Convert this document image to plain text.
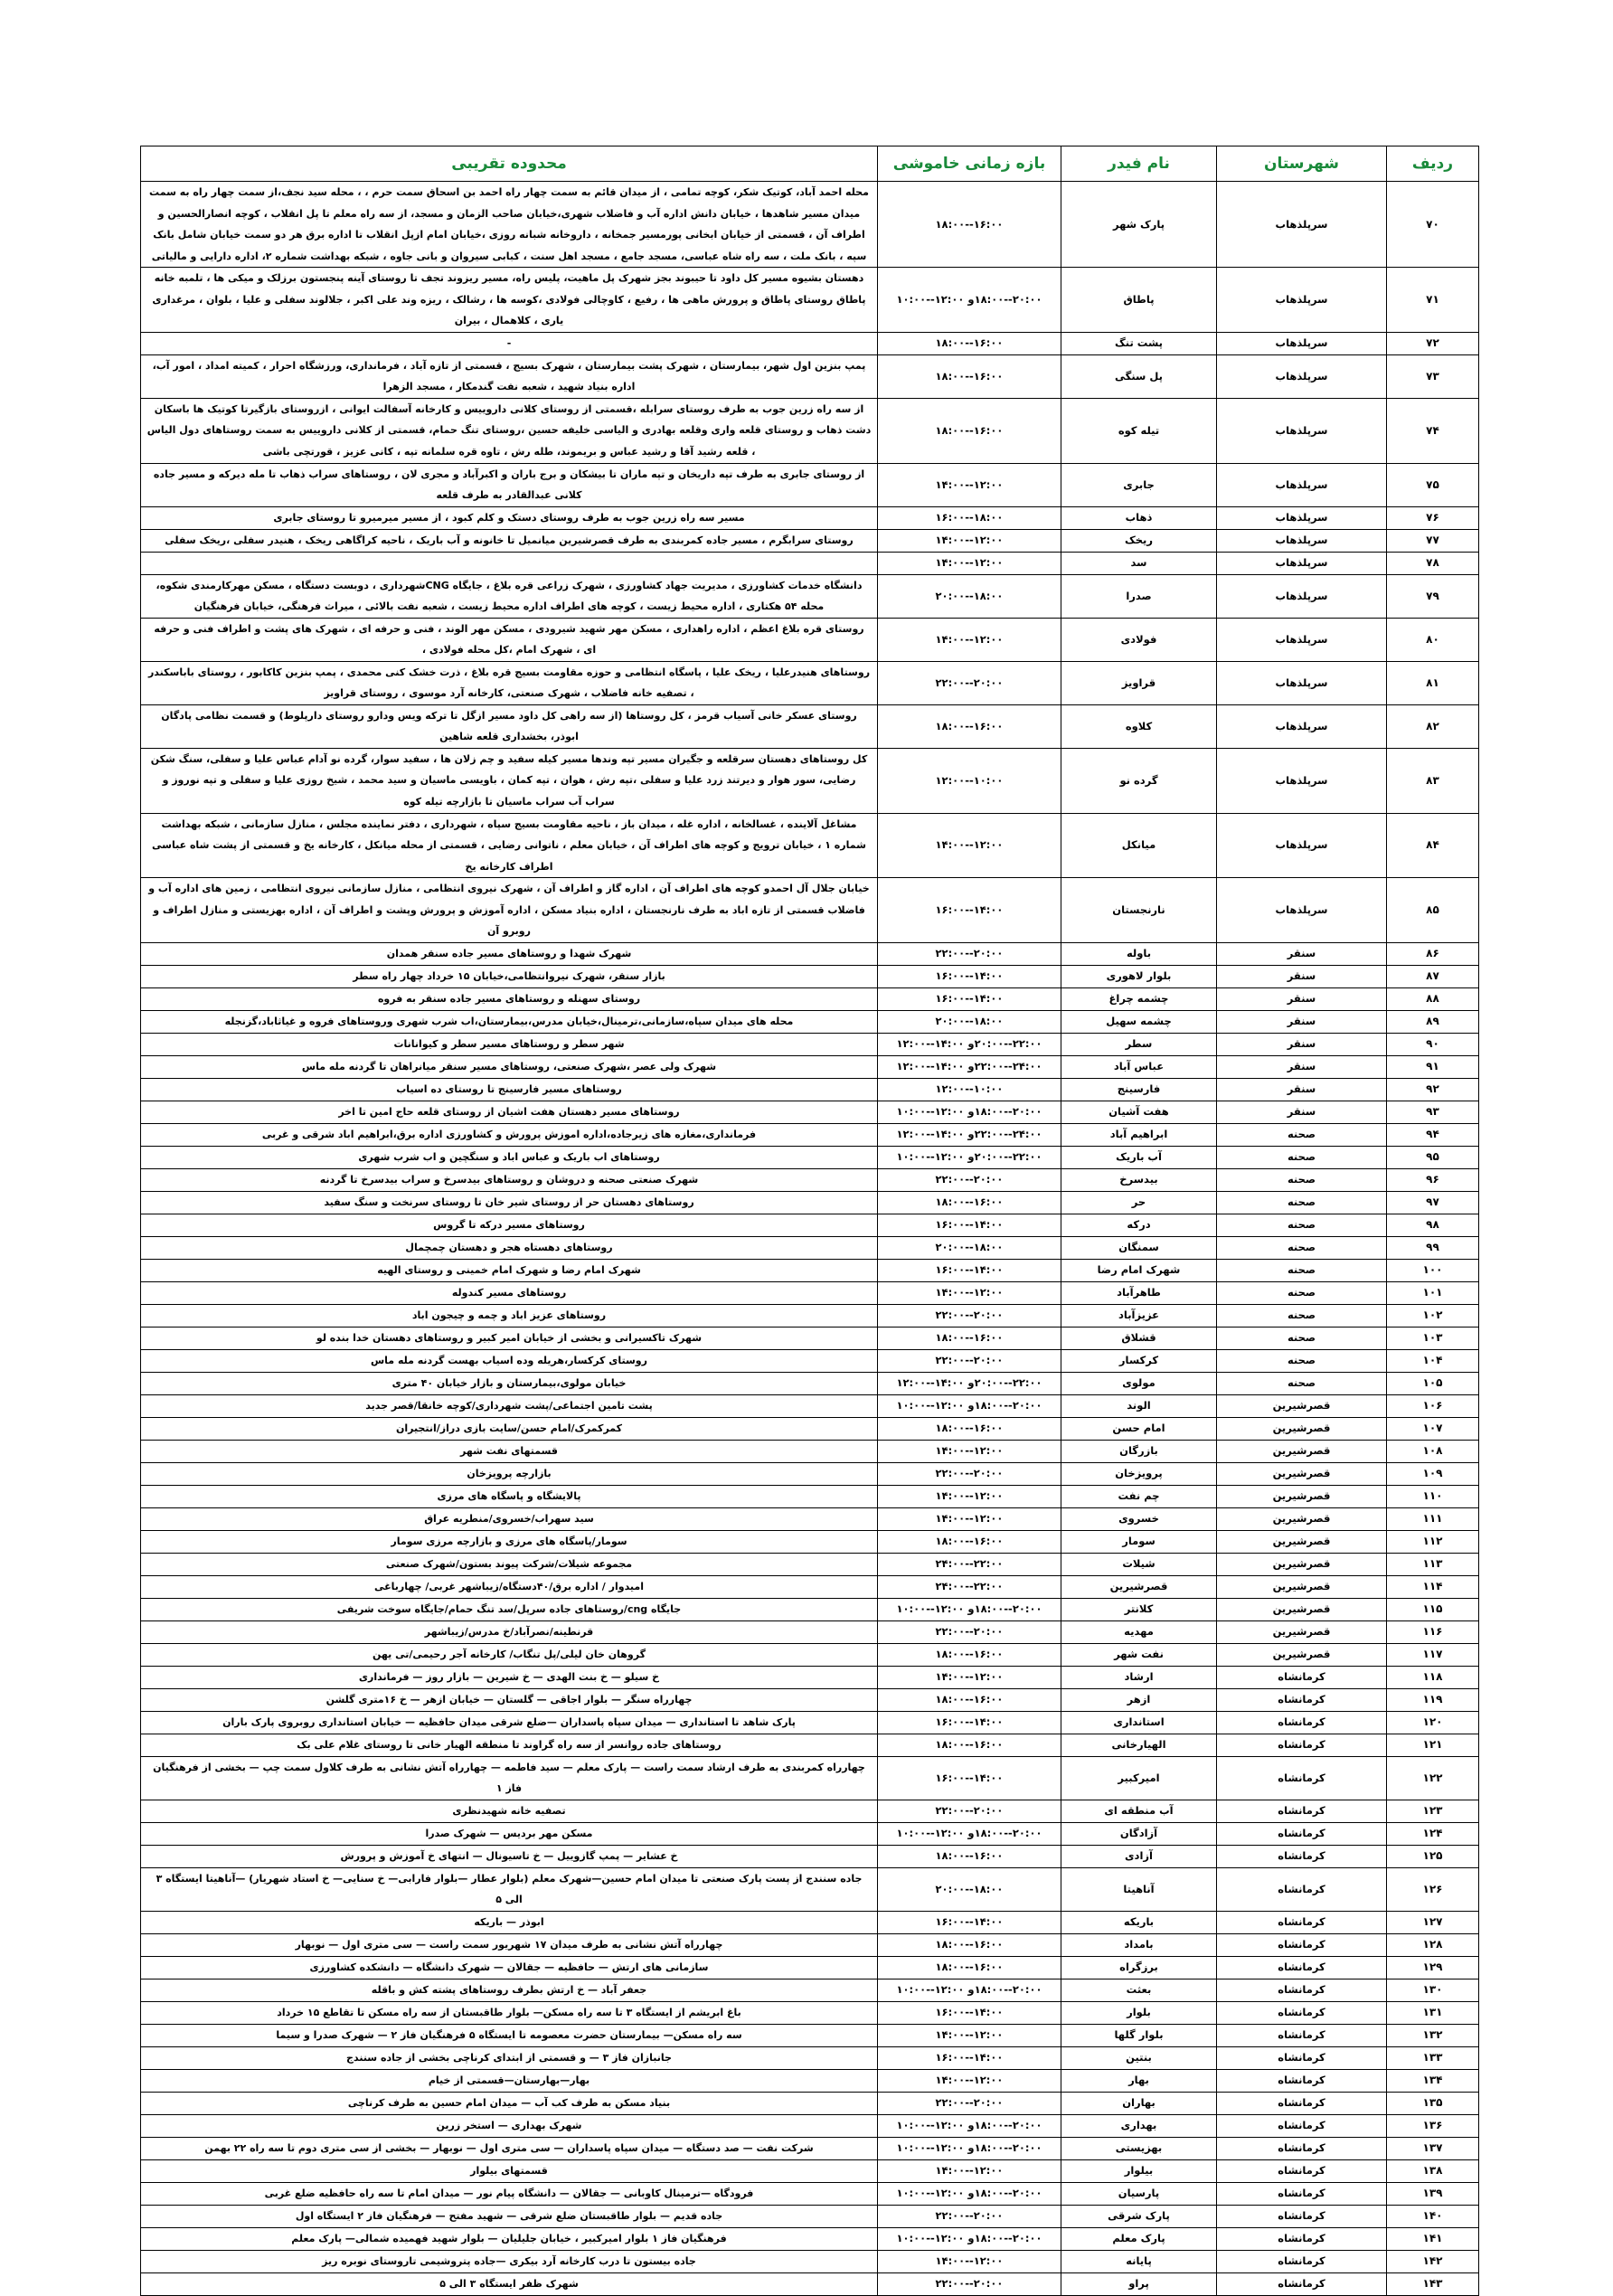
ردیف	شهرستان	نام فیدر	بازه زمانی خاموشی	محدوده تقریبی
۷۰	سرپلذهاب	پارک شهر	۱۶:۰۰--۱۸:۰۰	محله احمد آباد، کوتیک شکر، کوچه تمامی ، از میدان قائم به سمت چهار راه احمد بن اسحاق سمت حرم ، ، محله سید نجف،از سمت چهار راه به سمت میدان مسیر شاهدها ، خیابان دانش اداره آب و فاضلاب شهری،خیابان صاحب الزمان و مسجد، از سه راه معلم تا پل انقلاب ، کوچه انصارالحسین و اطراف آن ، قسمتی از خیابان ابخانی پورمسیر جمخانه ، داروخانه شبانه روزی ،خیابان امام ازپل انقلاب تا اداره برق هر دو سمت خیابان شامل بانک سپه ، بانک ملت ، سه راه شاه عباسی، مسجد جامع ، مسجد اهل سنت ، کبابی سیروان و بانی جاوه ، شبکه بهداشت شماره ۲، اداره دارایی و مالیاتی
۷۱	سرپلذهاب	پاطاق	۲۰:۰۰--۱۸:۰۰و ۱۲:۰۰--۱۰:۰۰	دهستان بشیوه مسیر کل داود تا حیبوند بجز شهرک پل ماهیت، پلیس راه، مسیر ریزوند تجف تا روستای آینه پنجستون برزلک و میکی ها ، تلمبه خانه پاطاق روستای پاطاق و پرورش ماهی ها ، رفیع ، کاوچالی فولادی ،کوسه ها ، رشالک ، ریزه وند علی اکبر ، جلالوند سفلی و علیا ، بلوان ، مرغداری یاری ، کلاهمال ، بیران
۷۲	سرپلذهاب	پشت تنگ	۱۶:۰۰--۱۸:۰۰	-
۷۳	سرپلذهاب	پل سنگی	۱۶:۰۰--۱۸:۰۰	پمپ بنزین اول شهر، بیمارستان ، شهرک پشت بیمارستان ، شهرک بسیج ، قسمتی از تازه آباد ، فرمانداری، ورزشگاه احرار ، کمیته امداد ، امور آب، اداره بنیاد شهید ، شعبه نفت گندمکار ، مسجد الزهرا
۷۴	سرپلذهاب	تیله کوه	۱۶:۰۰--۱۸:۰۰	از سه راه زرین جوب به طرف روستای سرابله ،قسمتی از روستای کلانی داروییس و کارخانه آسفالت ایوانی ، ازروستای بازگیرتا کوتیک ها باسکان دشت ذهاب و روستای قلعه واری وقلعه بهادری و الیاسی خلیفه حسین ،روستای تنگ حمام، قسمتی از کلانی داروییس به سمت روستاهای دول الیاس ، قلعه رشید آقا و رشید عباس و بریموند، طله رش ، تاوه قره سلمانه تپه ، کانی عزیز ، قورتچی باشی
۷۵	سرپلذهاب	جابری	۱۲:۰۰--۱۴:۰۰	از روستای جابری به طرف تپه داریخان و تپه ماران تا بیشکان و برج باران و اکبرآباد و مجری لان ، روستاهای سراب ذهاب تا مله دیرکه و مسیر جاده کلانی عبدالقادر به طرف قلعه
۷۶	سرپلذهاب	ذهاب	۱۸:۰۰--۱۶:۰۰	مسیر سه راه زرین جوب به طرف روستای دستک و کلم کبود ، از مسیر میرمیرو تا روستای جابری
۷۷	سرپلذهاب	ریخک	۱۲:۰۰--۱۴:۰۰	روستای سرابگرم ، مسیر جاده کمربندی به طرف قصرشیرین میانمیل تا خانونه و آب باریک ، ناحیه کراگاهی ریخک ، هنیدر سفلی ،ریخک سفلی
۷۸	سرپلذهاب	سد	۱۲:۰۰--۱۴:۰۰	
۷۹	سرپلذهاب	صدرا	۱۸:۰۰--۲۰:۰۰	دانشگاه خدمات کشاورزی ، مدیریت جهاد کشاورزی ، شهرک زراعی قره بلاغ ، جایگاه CNGشهرداری ، دوبست دستگاه ، مسکن مهرکارمندی شکوه، محله ۵۴ هکتاری ، اداره محیط زیست ، کوچه های اطراف اداره محیط زیست ، شعبه نفت بالائی ، میراث فرهنگی، خیابان فرهنگیان
۸۰	سرپلذهاب	فولادی	۱۲:۰۰--۱۴:۰۰	روستای قره بلاغ اعظم ، اداره راهداری ، مسکن مهر شهید شیرودی ، مسکن مهر الوند ، فنی و حرفه ای ، شهرک های پشت و اطراف فنی و حرفه ای ، شهرک امام ،کل محله فولادی ،
۸۱	سرپلذهاب	قراویز	۲۰:۰۰--۲۲:۰۰	روستاهای هنیدرعلیا ، ریخک علیا ، پاسگاه انتظامی و حوزه مقاومت بسیج قره بلاغ ، ذرت خشک کنی محمدی ، پمپ بنزین کاکابور ، روستای باباسکندر ، تصفیه خانه فاضلاب ، شهرک صنعتی، کارخانه آرد موسوی ، روستای قراویز
۸۲	سرپلذهاب	کلاوه	۱۶:۰۰--۱۸:۰۰	روستای عسکر خانی آسیاب قرمز ، کل روستاها (از سه راهی کل داود مسیر ازگل تا ترکه ویس ودارو روستای دارپلوط) و قسمت نظامی پادگان ابوذر، بخشداری قلعه شاهین
۸۳	سرپلذهاب	گرده نو	۱۰:۰۰--۱۲:۰۰	کل روستاهای دهستان سرقلعه و جگیران مسیر تپه وندها مسیر کیله سفید و چم زلان ها ، سفید سوار، گرده نو آدام عباس علیا و سفلی، سنگ شکن رضایی، سور هوار و دیرتند زرد علیا و سفلی ،تپه رش ، هوان ، تپه کمان ، باویسی ماسیان و سید محمد ، شیخ روزی علیا و سفلی و تپه نوروز و سراب آب سراب ماسیان تا بازارچه تیله کوه
۸۴	سرپلذهاب	میانکل	۱۲:۰۰--۱۴:۰۰	مشاغل آلاینده ، غسالخانه ، اداره غله ، میدان باز ، ناحیه مقاومت بسیج سپاه ، شهرداری ، دفتر نماینده مجلس ، منازل سازمانی ، شبکه بهداشت شماره ۱ ، خیابان ترویج و کوچه های اطراف آن ، خیابان معلم ، ناتوانی رضایی ، قسمتی از محله میانکل ، کارخانه یخ و قسمتی از پشت شاه عباسی اطراف کارخانه یخ
۸۵	سرپلذهاب	نارنجستان	۱۴:۰۰--۱۶:۰۰	خیابان جلال آل احمدو کوچه های اطراف آن ، اداره گاز و اطراف آن ، شهرک نیروی انتظامی ، منازل سازمانی نیروی انتظامی ، زمین های اداره آب و فاضلاب قسمتی از تازه اباد به طرف نارنجستان ، اداره بنیاد مسکن ، اداره آموزش و پرورش وپشت و اطراف آن ، اداره بهزیستی و منازل اطراف و روبرو آن
۸۶	سنقر	باوله	۲۰:۰۰--۲۲:۰۰	شهرک شهدا و روستاهای مسیر جاده سنقر همدان
۸۷	سنقر	بلوار لاهوری	۱۴:۰۰--۱۶:۰۰	بازار سنقر، شهرک نیروانتظامی،خیابان ۱۵ خرداد چهار راه سطر
۸۸	سنقر	چشمه چراغ	۱۴:۰۰--۱۶:۰۰	روستای سهنله و روستاهای مسیر جاده سنقر به فروه
۸۹	سنقر	چشمه سهیل	۱۸:۰۰--۲۰:۰۰	محله های میدان سپاه،سازمانی،ترمینال،خیابان مدرس،بیمارستان،اب شرب شهری وروستاهای فروه و غیاثاباد،گزنجله
۹۰	سنقر	سطر	۲۲:۰۰--۲۰:۰۰و ۱۴:۰۰--۱۲:۰۰	شهر سطر و روستاهای مسیر سطر و کیوانانات
۹۱	سنقر	عباس آباد	۲۴:۰۰--۲۲:۰۰و ۱۴:۰۰--۱۲:۰۰	شهرک ولی عصر ،شهرک صنعتی، روستاهای مسیر سنقر میانراهان تا گردنه مله ماس
۹۲	سنقر	فارسینج	۱۰:۰۰--۱۲:۰۰	روستاهای مسیر فارسینج تا روستای ده اسیاب
۹۳	سنقر	هفت آشیان	۲۰:۰۰--۱۸:۰۰و ۱۲:۰۰--۱۰:۰۰	روستاهای مسیر دهستان هفت اشیان از روستای قلعه حاج امین تا اخر
۹۴	صحنه	ابراهیم آباد	۲۴:۰۰--۲۲:۰۰و ۱۴:۰۰--۱۲:۰۰	فرمانداری،مغازه های زیرجاده،اداره اموزش پرورش و کشاورزی اداره برق،ابراهیم اباد شرقی و غربی
۹۵	صحنه	آب باریک	۲۲:۰۰--۲۰:۰۰و ۱۲:۰۰--۱۰:۰۰	روستاهای اب باریک و عباس اباد و سنگچین و اب شرب شهری
۹۶	صحنه	بیدسرخ	۲۰:۰۰--۲۲:۰۰	شهرک صنعتی صحنه و دروشان و روستاهای بیدسرخ و سراب بیدسرخ تا گردنه
۹۷	صحنه	حر	۱۶:۰۰--۱۸:۰۰	روستاهای دهستان حر از روستای شیر خان تا روستای سرنخت و سنگ سفید
۹۸	صحنه	درکه	۱۴:۰۰--۱۶:۰۰	روستاهای مسیر درکه تا گروس
۹۹	صحنه	سمنگان	۱۸:۰۰--۲۰:۰۰	روستاهای دهستاه هجر و دهستان چمچمال
۱۰۰	صحنه	شهرک امام رضا	۱۴:۰۰--۱۶:۰۰	شهرک امام رضا و شهرک امام خمینی و روستای الهیه
۱۰۱	صحنه	طاهرآباد	۱۲:۰۰--۱۴:۰۰	روستاهای مسیر کندوله
۱۰۲	صحنه	عزیزآباد	۲۰:۰۰--۲۲:۰۰	روستاهای عزیز اباد و چمه و چیجون اباد
۱۰۳	صحنه	قشلاق	۱۶:۰۰--۱۸:۰۰	شهرک تاکسیرانی و بخشی از خیابان امیر کبیر و روستاهای دهستان خدا بنده لو
۱۰۴	صحنه	کرکسار	۲۰:۰۰--۲۲:۰۰	روستای کرکسار،هریله وده اسیاب بهست گردنه مله ماس
۱۰۵	صحنه	مولوی	۲۲:۰۰--۲۰:۰۰و ۱۴:۰۰--۱۲:۰۰	خیابان مولوی،بیمارستان و بازار خیابان ۴۰ متری
۱۰۶	قصرشیرین	الوند	۲۰:۰۰--۱۸:۰۰و ۱۲:۰۰--۱۰:۰۰	پشت تامین اجتماعی/پشت شهرداری/کوچه خانقا/قصر جدید
۱۰۷	قصرشیرین	امام حسن	۱۶:۰۰--۱۸:۰۰	کمرکمرک/امام حسن/سایت بازی دراز/انتجیران
۱۰۸	قصرشیرین	بازرگان	۱۲:۰۰--۱۴:۰۰	قسمتهای نفت شهر
۱۰۹	قصرشیرین	پرویزخان	۲۰:۰۰--۲۲:۰۰	بازارچه پرویزخان
۱۱۰	قصرشیرین	چم نفت	۱۲:۰۰--۱۴:۰۰	پالایشگاه و پاسگاه های مرزی
۱۱۱	قصرشیرین	خسروی	۱۲:۰۰--۱۴:۰۰	سید سهراب/خسروی/منطریه عراق
۱۱۲	قصرشیرین	سومار	۱۶:۰۰--۱۸:۰۰	سومار/پاسگاه های مرزی و بازارچه مرزی سومار
۱۱۳	قصرشیرین	شیلات	۲۲:۰۰--۲۴:۰۰	مجموعه شیلات/شرکت پیوند بستون/شهرک صنعتی
۱۱۴	قصرشیرین	قصرشیرین	۲۲:۰۰--۲۴:۰۰	امیدوار / اداره برق/۴۰دستگاه/زیباشهر غربی/ چهارباغی
۱۱۵	قصرشیرین	کلانتر	۲۰:۰۰--۱۸:۰۰و ۱۲:۰۰--۱۰:۰۰	جایگاه cng/روستاهای جاده سرپل/سد تنگ حمام/جایگاه سوخت شریفی
۱۱۶	قصرشیرین	مهدیه	۲۰:۰۰--۲۲:۰۰	قرنطینه/نصرآباد/خ مدرس/زیباشهر
۱۱۷	قصرشیرین	نفت شهر	۱۶:۰۰--۱۸:۰۰	گروهان خان لیلی/پل تنگاب/ کارخانه آجر رحیمی/تی یهن
۱۱۸	کرمانشاه	ارشاد	۱۲:۰۰--۱۴:۰۰	خ سیلو — خ بنت الهدی — خ شیرین — بازار روز — فرمانداری
۱۱۹	کرمانشاه	ازهر	۱۶:۰۰--۱۸:۰۰	چهارراه سنگر — بلوار اجاقی — گلستان — خیابان ازهر — خ ۱۶متری گلشن
۱۲۰	کرمانشاه	استانداری	۱۴:۰۰--۱۶:۰۰	پارک شاهد تا استانداری — میدان سپاه پاسداران —ضلع شرقی میدان حافظیه — خیابان استانداری روبروی پارک باران
۱۲۱	کرمانشاه	الهیارخانی	۱۶:۰۰--۱۸:۰۰	روستاهای جاده روانسر از سه راه گراوند تا منطقه الهیار خانی تا روستای غلام علی بک
۱۲۲	کرمانشاه	امیرکبیر	۱۴:۰۰--۱۶:۰۰	چهارراه کمربندی به طرف ارشاد سمت راست — پارک معلم — سید فاطمه — چهارراه آتش نشانی به طرف کلاول سمت چپ — بخشی از فرهنگیان فاز ۱
۱۲۳	کرمانشاه	آب منطقه ای	۲۰:۰۰--۲۲:۰۰	تصفیه خانه شهیدنظری
۱۲۴	کرمانشاه	آزادگان	۲۰:۰۰--۱۸:۰۰و ۱۲:۰۰--۱۰:۰۰	مسکن مهر بردیس — شهرک صدرا
۱۲۵	کرمانشاه	آزادی	۱۶:۰۰--۱۸:۰۰	خ عشایر — پمپ گازوییل — خ تاسیونال — انتهای خ آموزش و پرورش
۱۲۶	کرمانشاه	آناهیتا	۱۸:۰۰--۲۰:۰۰	جاده سنندج از پست پارک صنعتی تا میدان امام حسین—شهرک معلم (بلوار عطار —بلوار فارابی— خ سنایی— خ استاد شهریار) —آناهیتا ایستگاه ۳ الی ۵
۱۲۷	کرمانشاه	باریکه	۱۴:۰۰--۱۶:۰۰	ابوذر — باریکه
۱۲۸	کرمانشاه	بامداد	۱۶:۰۰--۱۸:۰۰	چهارراه آتش نشانی به طرف میدان ۱۷ شهریور سمت راست — سی متری اول — نوبهار
۱۲۹	کرمانشاه	برزگراه	۱۶:۰۰--۱۸:۰۰	سازمانی های ارتش — حافظیه — جقالان — شهرک دانشگاه — دانشکده کشاورزی
۱۳۰	کرمانشاه	بعثت	۲۰:۰۰--۱۸:۰۰و ۱۲:۰۰--۱۰:۰۰	جعفر آباد — خ ارتش بطرف روستاهای پشته کش و باقله
۱۳۱	کرمانشاه	بلوار	۱۴:۰۰--۱۶:۰۰	باغ ابریشم از ایستگاه ۳ تا سه راه مسکن— بلوار طاقبستان از سه راه مسکن تا تقاطع ۱۵ خرداد
۱۳۲	کرمانشاه	بلوار گلها	۱۲:۰۰--۱۴:۰۰	سه راه مسکن— بیمارستان حضرت معصومه تا ایستگاه ۵ فرهنگیان فاز ۲ — شهرک صدرا و سیما
۱۳۳	کرمانشاه	بنتین	۱۴:۰۰--۱۶:۰۰	جانبازان فاز ۳ — و قسمتی از ابتدای کرناچی بخشی از جاده سنندج
۱۳۴	کرمانشاه	بهار	۱۲:۰۰--۱۴:۰۰	بهار—بهارستان—قسمتی از خیام
۱۳۵	کرمانشاه	بهاران	۲۰:۰۰--۲۲:۰۰	بنیاد مسکن به طرف کب آب — میدان امام حسین به طرف کرناچی
۱۳۶	کرمانشاه	بهداری	۲۰:۰۰--۱۸:۰۰و ۱۲:۰۰--۱۰:۰۰	شهرک بهداری — استخر زرین
۱۳۷	کرمانشاه	بهزیستی	۲۰:۰۰--۱۸:۰۰و ۱۲:۰۰--۱۰:۰۰	شرکت نفت — صد دستگاه — میدان سپاه پاسداران — سی متری اول — نوبهار — بخشی از سی متری دوم تا سه راه ۲۲ بهمن
۱۳۸	کرمانشاه	بیلوار	۱۲:۰۰--۱۴:۰۰	قسمتهای بیلوار
۱۳۹	کرمانشاه	پارسیان	۲۰:۰۰--۱۸:۰۰و ۱۲:۰۰--۱۰:۰۰	فرودگاه —ترمینال کاوبانی — جقالان — دانشگاه پیام نور — میدان امام تا سه راه حافظیه ضلع غربی
۱۴۰	کرمانشاه	پارک شرقی	۲۰:۰۰--۲۲:۰۰	جاده قدیم — بلوار طاقبستان ضلع شرقی — شهید مفتح — فرهنگیان فاز ۲ ایستگاه اول
۱۴۱	کرمانشاه	پارک معلم	۲۰:۰۰--۱۸:۰۰و ۱۲:۰۰--۱۰:۰۰	فرهنگیان فاز ۱ بلوار امیرکبیر ، خیابان جلیلیان — بلوار شهید فهمیده شمالی— پارک معلم
۱۴۲	کرمانشاه	پایانه	۱۲:۰۰--۱۴:۰۰	جاده بیستون تا درب کارخانه آرد بیکری —جاده پتروشیمی تاروستای نوبره ریز
۱۴۳	کرمانشاه	پراو	۲۰:۰۰--۲۲:۰۰	شهرک ظفر ایستگاه ۳ الی ۵
